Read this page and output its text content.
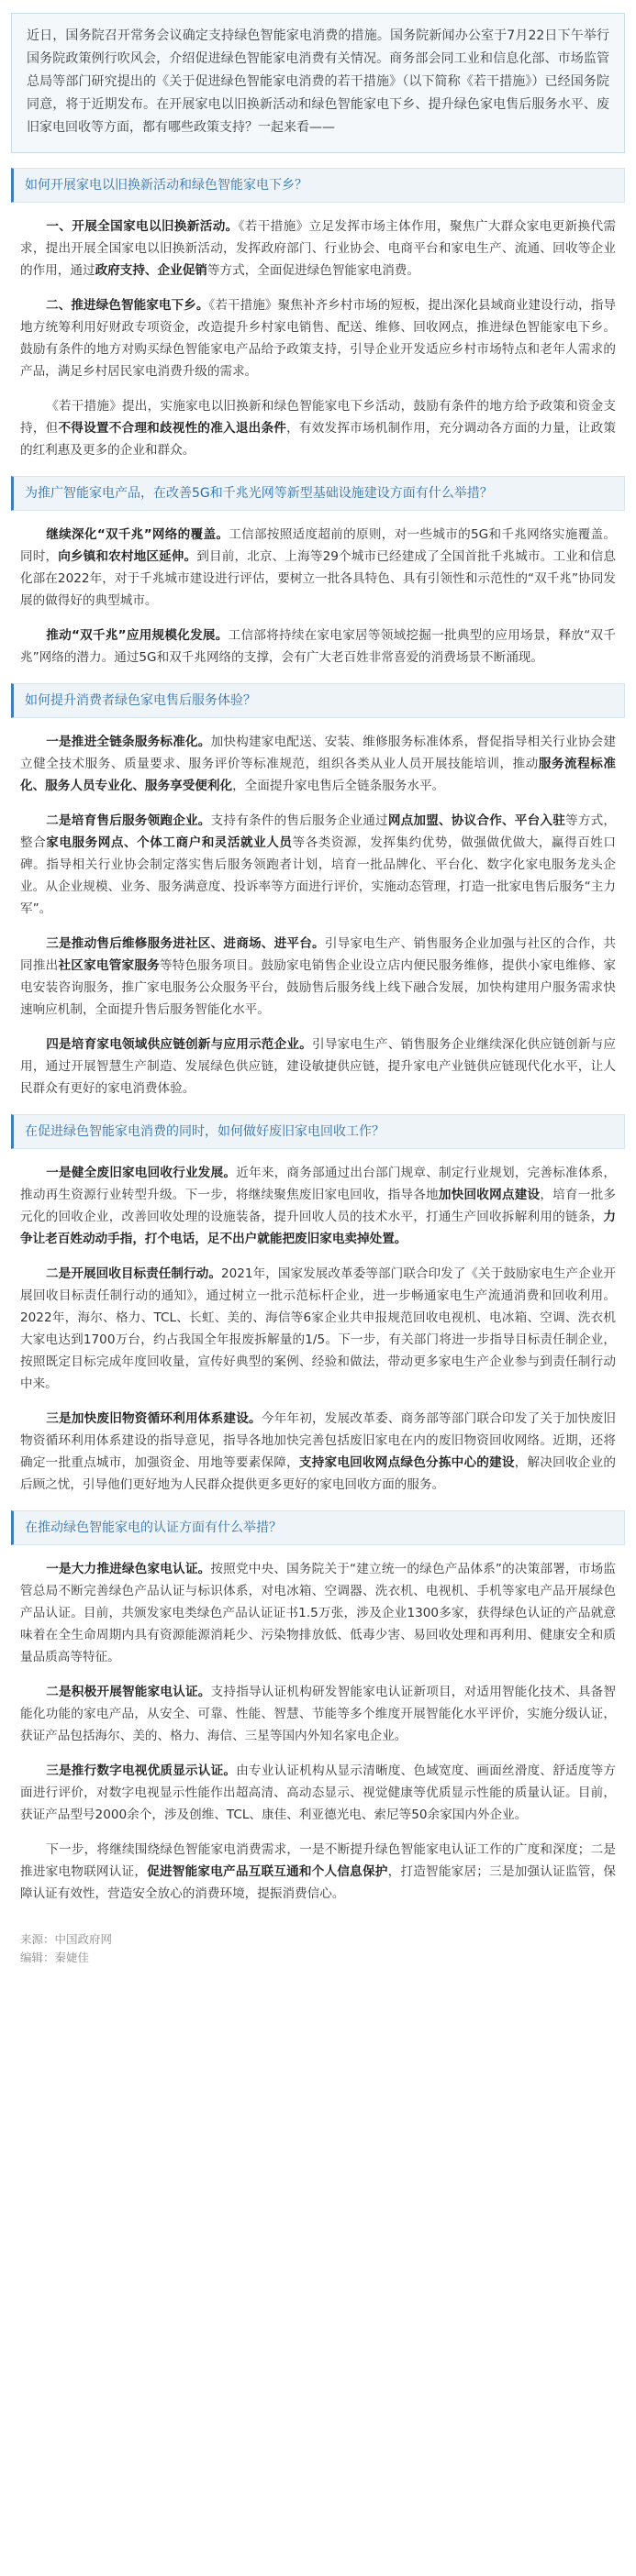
近日，国务院召开常务会议确定支持绿色智能家电消费的措施。国务院新闻办公室于7月22日下午举行国务院政策例行吹风会，介绍促进绿色智能家电消费有关情况。商务部会同工业和信息化部、市场监管总局等部门研究提出的《关于促进绿色智能家电消费的若干措施》（以下简称《若干措施》）已经国务院同意，将于近期发布。在开展家电以旧换新活动和绿色智能家电下乡、提升绿色家电售后服务水平、废旧家电回收等方面，都有哪些政策支持？一起来看——
如何开展家电以旧换新活动和绿色智能家电下乡？
一、开展全国家电以旧换新活动。《若干措施》立足发挥市场主体作用，聚焦广大群众家电更新换代需求，提出开展全国家电以旧换新活动，发挥政府部门、行业协会、电商平台和家电生产、流通、回收等企业的作用，通过政府支持、企业促销等方式，全面促进绿色智能家电消费。
二、推进绿色智能家电下乡。《若干措施》聚焦补齐乡村市场的短板，提出深化县域商业建设行动，指导地方统筹利用好财政专项资金，改造提升乡村家电销售、配送、维修、回收网点，推进绿色智能家电下乡。鼓励有条件的地方对购买绿色智能家电产品给予政策支持，引导企业开发适应乡村市场特点和老年人需求的产品，满足乡村居民家电消费升级的需求。
《若干措施》提出，实施家电以旧换新和绿色智能家电下乡活动，鼓励有条件的地方给予政策和资金支持，但不得设置不合理和歧视性的准入退出条件，有效发挥市场机制作用，充分调动各方面的力量，让政策的红利惠及更多的企业和群众。
为推广智能家电产品，在改善5G和千兆光网等新型基础设施建设方面有什么举措？
继续深化“双千兆”网络的覆盖。工信部按照适度超前的原则，对一些城市的5G和千兆网络实施覆盖。同时，向乡镇和农村地区延伸。到目前，北京、上海等29个城市已经建成了全国首批千兆城市。工业和信息化部在2022年，对于千兆城市建设进行评估，要树立一批各具特色、具有引领性和示范性的“双千兆”协同发展的做得好的典型城市。
推动“双千兆”应用规模化发展。工信部将持续在家电家居等领域挖掘一批典型的应用场景，释放“双千兆”网络的潜力。通过5G和双千兆网络的支撑，会有广大老百姓非常喜爱的消费场景不断涌现。
如何提升消费者绿色家电售后服务体验？
一是推进全链条服务标准化。加快构建家电配送、安装、维修服务标准体系，督促指导相关行业协会建立健全技术服务、质量要求、服务评价等标准规范，组织各类从业人员开展技能培训，推动服务流程标准化、服务人员专业化、服务享受便利化，全面提升家电售后全链条服务水平。
二是培育售后服务领跑企业。支持有条件的售后服务企业通过网点加盟、协议合作、平台入驻等方式，整合家电服务网点、个体工商户和灵活就业人员等各类资源，发挥集约优势，做强做优做大，赢得百姓口碑。指导相关行业协会制定落实售后服务领跑者计划，培育一批品牌化、平台化、数字化家电服务龙头企业。从企业规模、业务、服务满意度、投诉率等方面进行评价，实施动态管理，打造一批家电售后服务“主力军”。
三是推动售后维修服务进社区、进商场、进平台。引导家电生产、销售服务企业加强与社区的合作，共同推出社区家电管家服务等特色服务项目。鼓励家电销售企业设立店内便民服务维修，提供小家电维修、家电安装咨询服务，推广家电服务公众服务平台，鼓励售后服务线上线下融合发展，加快构建用户服务需求快速响应机制，全面提升售后服务智能化水平。
四是培育家电领域供应链创新与应用示范企业。引导家电生产、销售服务企业继续深化供应链创新与应用，通过开展智慧生产制造、发展绿色供应链，建设敏捷供应链，提升家电产业链供应链现代化水平，让人民群众有更好的家电消费体验。
在促进绿色智能家电消费的同时，如何做好废旧家电回收工作？
一是健全废旧家电回收行业发展。近年来，商务部通过出台部门规章、制定行业规划，完善标准体系，推动再生资源行业转型升级。下一步，将继续聚焦废旧家电回收，指导各地加快回收网点建设，培育一批多元化的回收企业，改善回收处理的设施装备，提升回收人员的技术水平，打通生产回收拆解利用的链条，力争让老百姓动动手指，打个电话，足不出户就能把废旧家电卖掉处置。
二是开展回收目标责任制行动。2021年，国家发展改革委等部门联合印发了《关于鼓励家电生产企业开展回收目标责任制行动的通知》，通过树立一批示范标杆企业，进一步畅通家电生产流通消费和回收利用。2022年，海尔、格力、TCL、长虹、美的、海信等6家企业共申报规范回收电视机、电冰箱、空调、洗衣机大家电达到1700万台，约占我国全年报废拆解量的1/5。下一步，有关部门将进一步指导目标责任制企业，按照既定目标完成年度回收量，宣传好典型的案例、经验和做法，带动更多家电生产企业参与到责任制行动中来。
三是加快废旧物资循环利用体系建设。今年年初，发展改革委、商务部等部门联合印发了关于加快废旧物资循环利用体系建设的指导意见，指导各地加快完善包括废旧家电在内的废旧物资回收网络。近期，还将确定一批重点城市，加强资金、用地等要素保障，支持家电回收网点绿色分拣中心的建设，解决回收企业的后顾之忧，引导他们更好地为人民群众提供更多更好的家电回收方面的服务。
在推动绿色智能家电的认证方面有什么举措？
一是大力推进绿色家电认证。按照党中央、国务院关于“建立统一的绿色产品体系”的决策部署，市场监管总局不断完善绿色产品认证与标识体系，对电冰箱、空调器、洗衣机、电视机、手机等家电产品开展绿色产品认证。目前，共颁发家电类绿色产品认证证书1.5万张，涉及企业1300多家，获得绿色认证的产品就意味着在全生命周期内具有资源能源消耗少、污染物排放低、低毒少害、易回收处理和再利用、健康安全和质量品质高等特征。
二是积极开展智能家电认证。支持指导认证机构研发智能家电认证新项目，对适用智能化技术、具备智能化功能的家电产品，从安全、可靠、性能、智慧、节能等多个维度开展智能化水平评价，实施分级认证，获证产品包括海尔、美的、格力、海信、三星等国内外知名家电企业。
三是推行数字电视优质显示认证。由专业认证机构从显示清晰度、色域宽度、画面丝滑度、舒适度等方面进行评价，对数字电视显示性能作出超高清、高动态显示、视觉健康等优质显示性能的质量认证。目前，获证产品型号2000余个，涉及创维、TCL、康佳、利亚德光电、索尼等50余家国内外企业。
下一步，将继续围绕绿色智能家电消费需求，一是不断提升绿色智能家电认证工作的广度和深度；二是推进家电物联网认证，促进智能家电产品互联互通和个人信息保护，打造智能家居；三是加强认证监管，保障认证有效性，营造安全放心的消费环境，提振消费信心。
来源：中国政府网
编辑：秦婕佳
